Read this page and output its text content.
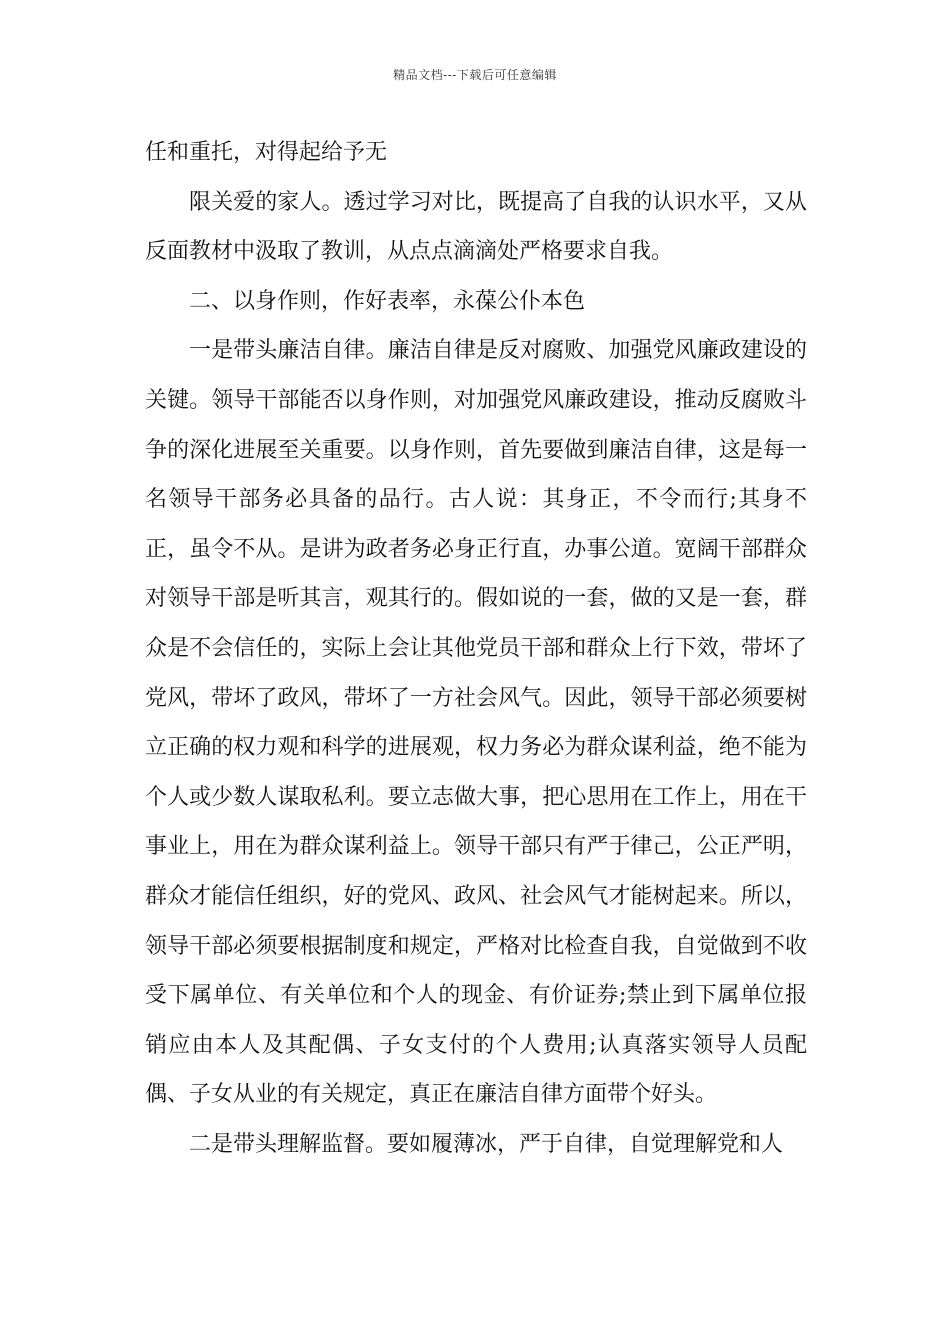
精品文档---下载后可任意编辑

任和重托，对得起给予无

限关爱的家人。透过学习对比，既提高了自我的认识水平，又从反面教材中汲取了教训，从点点滴滴处严格要求自我。

二、以身作则，作好表率，永葆公仆本色

一是带头廉洁自律。廉洁自律是反对腐败、加强党风廉政建设的关键。领导干部能否以身作则，对加强党风廉政建设，推动反腐败斗争的深化进展至关重要。以身作则，首先要做到廉洁自律，这是每一名领导干部务必具备的品行。古人说：其身正，不令而行;其身不正，虽令不从。是讲为政者务必身正行直，办事公道。宽阔干部群众对领导干部是听其言，观其行的。假如说的一套，做的又是一套，群众是不会信任的，实际上会让其他党员干部和群众上行下效，带坏了党风，带坏了政风，带坏了一方社会风气。因此，领导干部必须要树立正确的权力观和科学的进展观，权力务必为群众谋利益，绝不能为个人或少数人谋取私利。要立志做大事，把心思用在工作上，用在干事业上，用在为群众谋利益上。领导干部只有严于律己，公正严明，群众才能信任组织，好的党风、政风、社会风气才能树起来。所以，领导干部必须要根据制度和规定，严格对比检查自我，自觉做到不收受下属单位、有关单位和个人的现金、有价证券;禁止到下属单位报销应由本人及其配偶、子女支付的个人费用;认真落实领导人员配偶、子女从业的有关规定，真正在廉洁自律方面带个好头。

二是带头理解监督。要如履薄冰，严于自律，自觉理解党和人
